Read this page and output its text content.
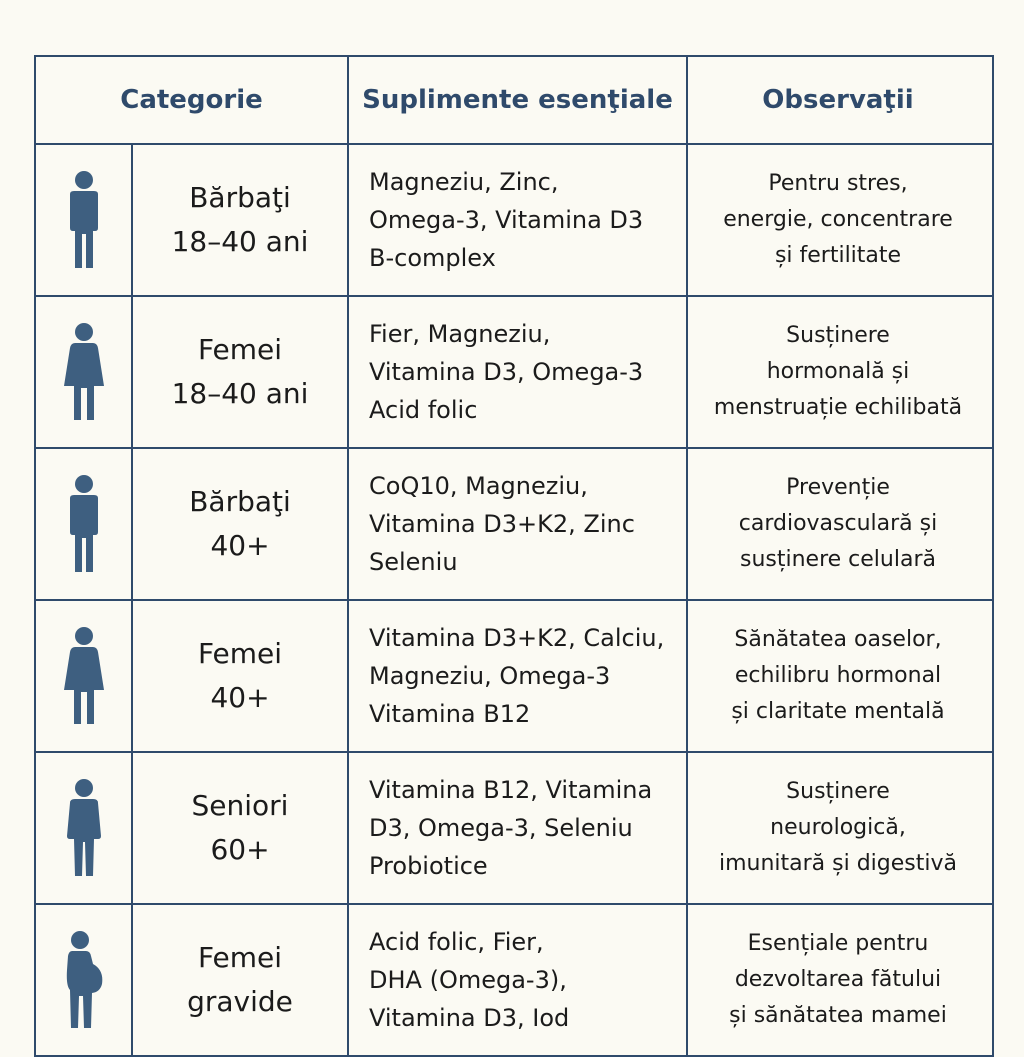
Categorie	Suplimente esenţiale	Observaţii
Bărbaţi
18–40 ani
Magneziu, Zinc,
Omega-3, Vitamina D3
B-complex
Pentru stres,
energie, concentrare
și fertilitate
Femei
18–40 ani
Fier, Magneziu,
Vitamina D3, Omega-3
Acid folic
Susținere
hormonală și
menstruație echilibată
Bărbaţi
40+
CoQ10, Magneziu,
Vitamina D3+K2, Zinc
Seleniu
Prevenție
cardiovasculară și
susținere celulară
Femei
40+
Vitamina D3+K2, Calciu,
Magneziu, Omega-3
Vitamina B12
Sănătatea oaselor,
echilibru hormonal
și claritate mentală
Seniori
60+
Vitamina B12, Vitamina
D3, Omega-3, Seleniu
Probiotice
Susținere
neurologică,
imunitară și digestivă
Femei
gravide
Acid folic, Fier,
DHA (Omega-3),
Vitamina D3, Iod
Esențiale pentru
dezvoltarea fătului
și sănătatea mamei
